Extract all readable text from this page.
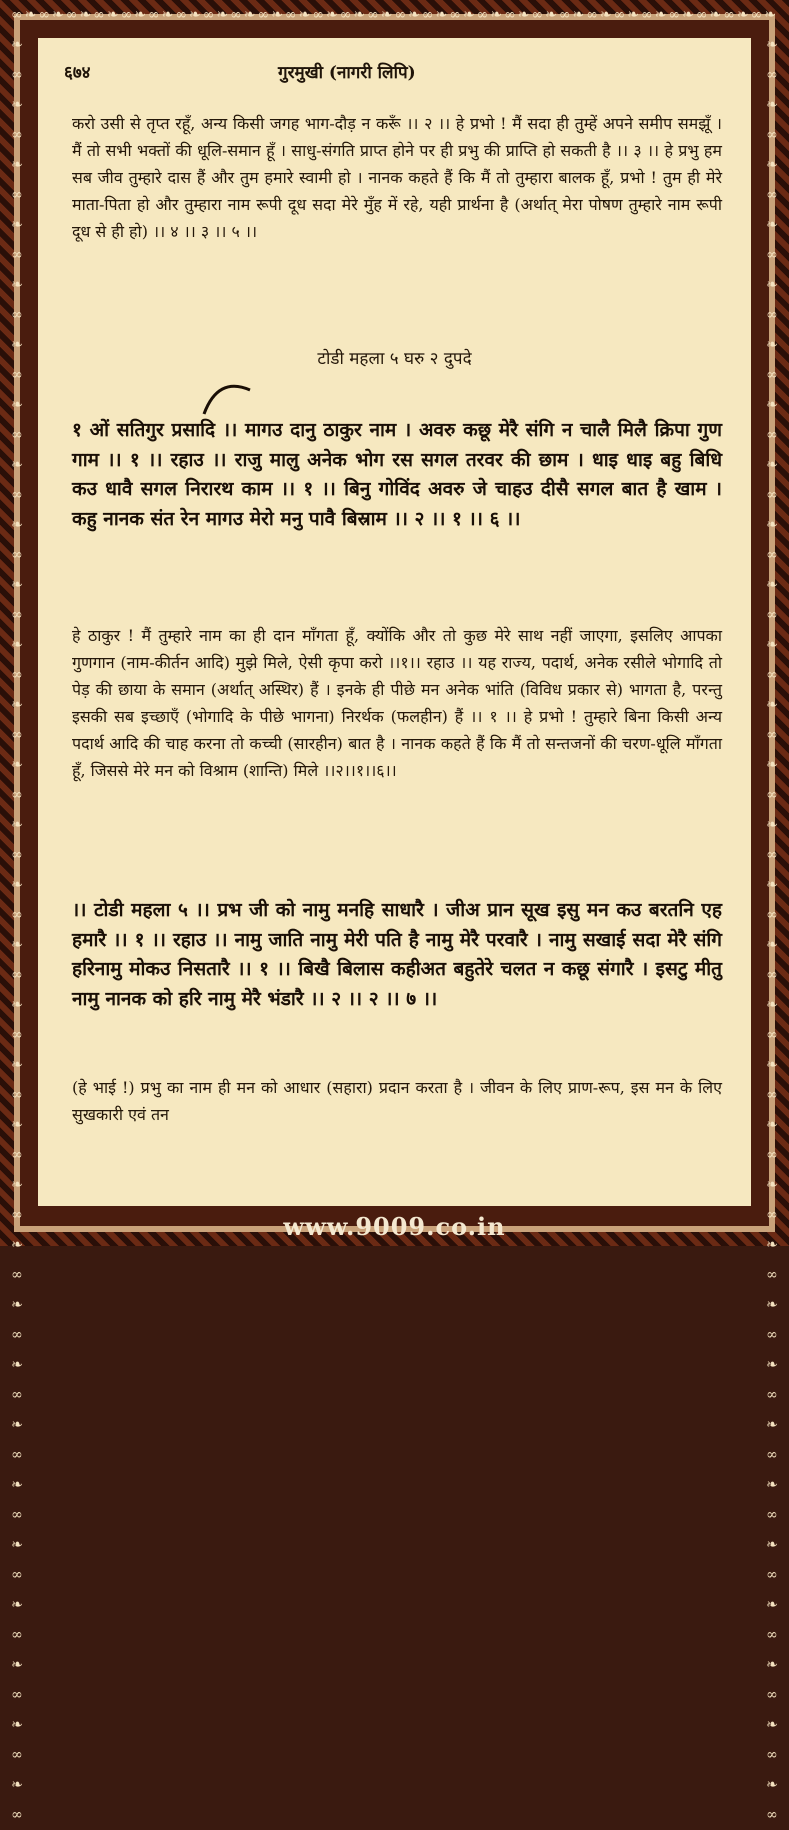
∞❧∞❧∞❧∞❧∞❧∞❧∞❧∞❧∞❧∞❧∞❧∞❧∞❧∞❧∞❧∞❧∞❧∞❧∞❧∞❧∞❧∞❧∞❧∞❧∞❧∞❧∞❧∞❧
❧ ∞ ❧ ∞ ❧ ∞ ❧ ∞ ❧ ∞ ❧ ∞ ❧ ∞ ❧ ∞ ❧ ∞ ❧ ∞ ❧ ∞ ❧ ∞ ❧ ∞ ❧ ∞ ❧ ∞ ❧ ∞ ❧ ∞ ❧ ∞ ❧ ∞ ❧ ∞ ❧ ∞ ❧ ∞ ❧ ∞ ❧ ∞ ❧ ∞ ❧ ∞ ❧ ∞ ❧ ∞ ❧ ∞ ❧ ∞
❧ ∞ ❧ ∞ ❧ ∞ ❧ ∞ ❧ ∞ ❧ ∞ ❧ ∞ ❧ ∞ ❧ ∞ ❧ ∞ ❧ ∞ ❧ ∞ ❧ ∞ ❧ ∞ ❧ ∞ ❧ ∞ ❧ ∞ ❧ ∞ ❧ ∞ ❧ ∞ ❧ ∞ ❧ ∞ ❧ ∞ ❧ ∞ ❧ ∞ ❧ ∞ ❧ ∞ ❧ ∞ ❧ ∞ ❧ ∞
६७४	गुरमुखी (नागरी लिपि)

करो उसी से तृप्त रहूँ, अन्य किसी जगह भाग-दौड़ न करूँ ।। २ ।। हे प्रभो ! मैं सदा ही तुम्हें अपने समीप समझूँ । मैं तो सभी भक्तों की धूलि-समान हूँ । साधु-संगति प्राप्त होने पर ही प्रभु की प्राप्ति हो सकती है ।। ३ ।। हे प्रभु हम सब जीव तुम्हारे दास हैं और तुम हमारे स्वामी हो । नानक कहते हैं कि मैं तो तुम्हारा बालक हूँ, प्रभो ! तुम ही मेरे माता-पिता हो और तुम्हारा नाम रूपी दूध सदा मेरे मुँह में रहे, यही प्रार्थना है (अर्थात् मेरा पोषण तुम्हारे नाम रूपी दूध से ही हो) ।। ४ ।। ३ ।। ५ ।।

टोडी महला ५ घरु २ दुपदे

१ ओं सतिगुर प्रसादि ।। मागउ दानु ठाकुर नाम । अवरु कछू मेरै संगि न चालै मिलै क्रिपा गुण गाम ।। १ ।। रहाउ ।। राजु मालु अनेक भोग रस सगल तरवर की छाम । धाइ धाइ बहु बिधि कउ धावै सगल निरारथ काम ।। १ ।। बिनु गोविंद अवरु जे चाहउ दीसै सगल बात है खाम । कहु नानक संत रेन मागउ मेरो मनु पावै बिस्राम ।। २ ।। १ ।। ६ ।।

हे ठाकुर ! मैं तुम्हारे नाम का ही दान माँगता हूँ, क्योंकि और तो कुछ मेरे साथ नहीं जाएगा, इसलिए आपका गुणगान (नाम-कीर्तन आदि) मुझे मिले, ऐसी कृपा करो ।।१।। रहाउ ।। यह राज्य, पदार्थ, अनेक रसीले भोगादि तो पेड़ की छाया के समान (अर्थात् अस्थिर) हैं । इनके ही पीछे मन अनेक भांति (विविध प्रकार से) भागता है, परन्तु इसकी सब इच्छाएँ (भोगादि के पीछे भागना) निरर्थक (फलहीन) हैं ।। १ ।। हे प्रभो ! तुम्हारे बिना किसी अन्य पदार्थ आदि की चाह करना तो कच्ची (सारहीन) बात है । नानक कहते हैं कि मैं तो सन्तजनों की चरण-धूलि माँगता हूँ, जिससे मेरे मन को विश्राम (शान्ति) मिले ।।२।।१।।६।।

।। टोडी महला ५ ।। प्रभ जी को नामु मनहि साधारै । जीअ प्रान सूख इसु मन कउ बरतनि एह हमारै ।। १ ।। रहाउ ।। नामु जाति नामु मेरी पति है नामु मेरै परवारै । नामु सखाई सदा मेरै संगि हरिनामु मोकउ निसतारै ।। १ ।। बिखै बिलास कहीअत बहुतेरे चलत न कछू संगारै । इसटु मीतु नामु नानक को हरि नामु मेरै भंडारै ।। २ ।। २ ।। ७ ।।

(हे भाई !) प्रभु का नाम ही मन को आधार (सहारा) प्रदान करता है । जीवन के लिए प्राण-रूप, इस मन के लिए सुखकारी एवं तन

www.9009.co.in
